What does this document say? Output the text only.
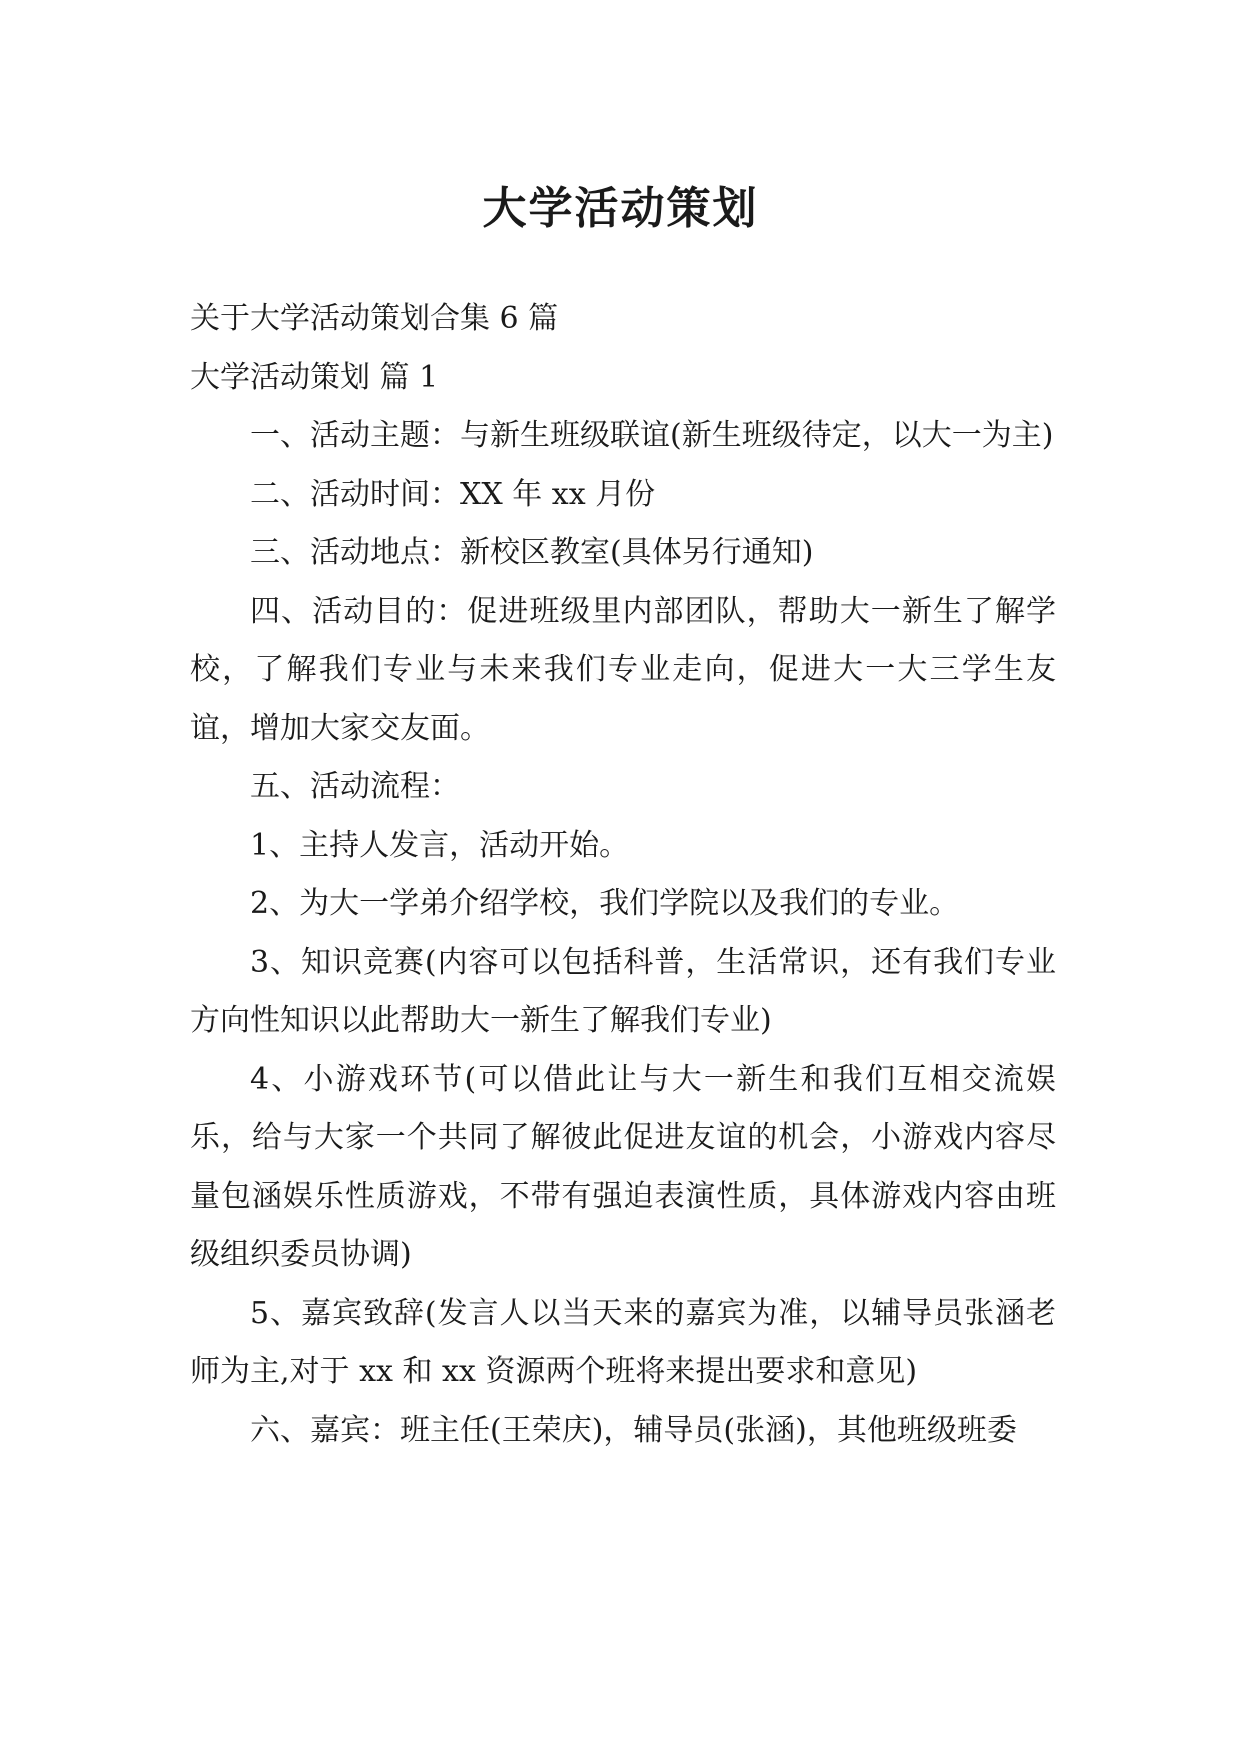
大学活动策划

关于大学活动策划合集 6 篇

大学活动策划 篇 1

一、活动主题：与新生班级联谊(新生班级待定，以大一为主)

二、活动时间：XX 年 xx 月份

三、活动地点：新校区教室(具体另行通知)

四、活动目的：促进班级里内部团队，帮助大一新生了解学校，了解我们专业与未来我们专业走向，促进大一大三学生友谊，增加大家交友面。

五、活动流程：

1、主持人发言，活动开始。

2、为大一学弟介绍学校，我们学院以及我们的专业。

3、知识竞赛(内容可以包括科普，生活常识，还有我们专业方向性知识以此帮助大一新生了解我们专业)

4、小游戏环节(可以借此让与大一新生和我们互相交流娱乐，给与大家一个共同了解彼此促进友谊的机会，小游戏内容尽量包涵娱乐性质游戏，不带有强迫表演性质，具体游戏内容由班级组织委员协调)

5、嘉宾致辞(发言人以当天来的嘉宾为准，以辅导员张涵老师为主,对于 xx 和 xx 资源两个班将来提出要求和意见)

六、嘉宾：班主任(王荣庆)，辅导员(张涵)，其他班级班委
